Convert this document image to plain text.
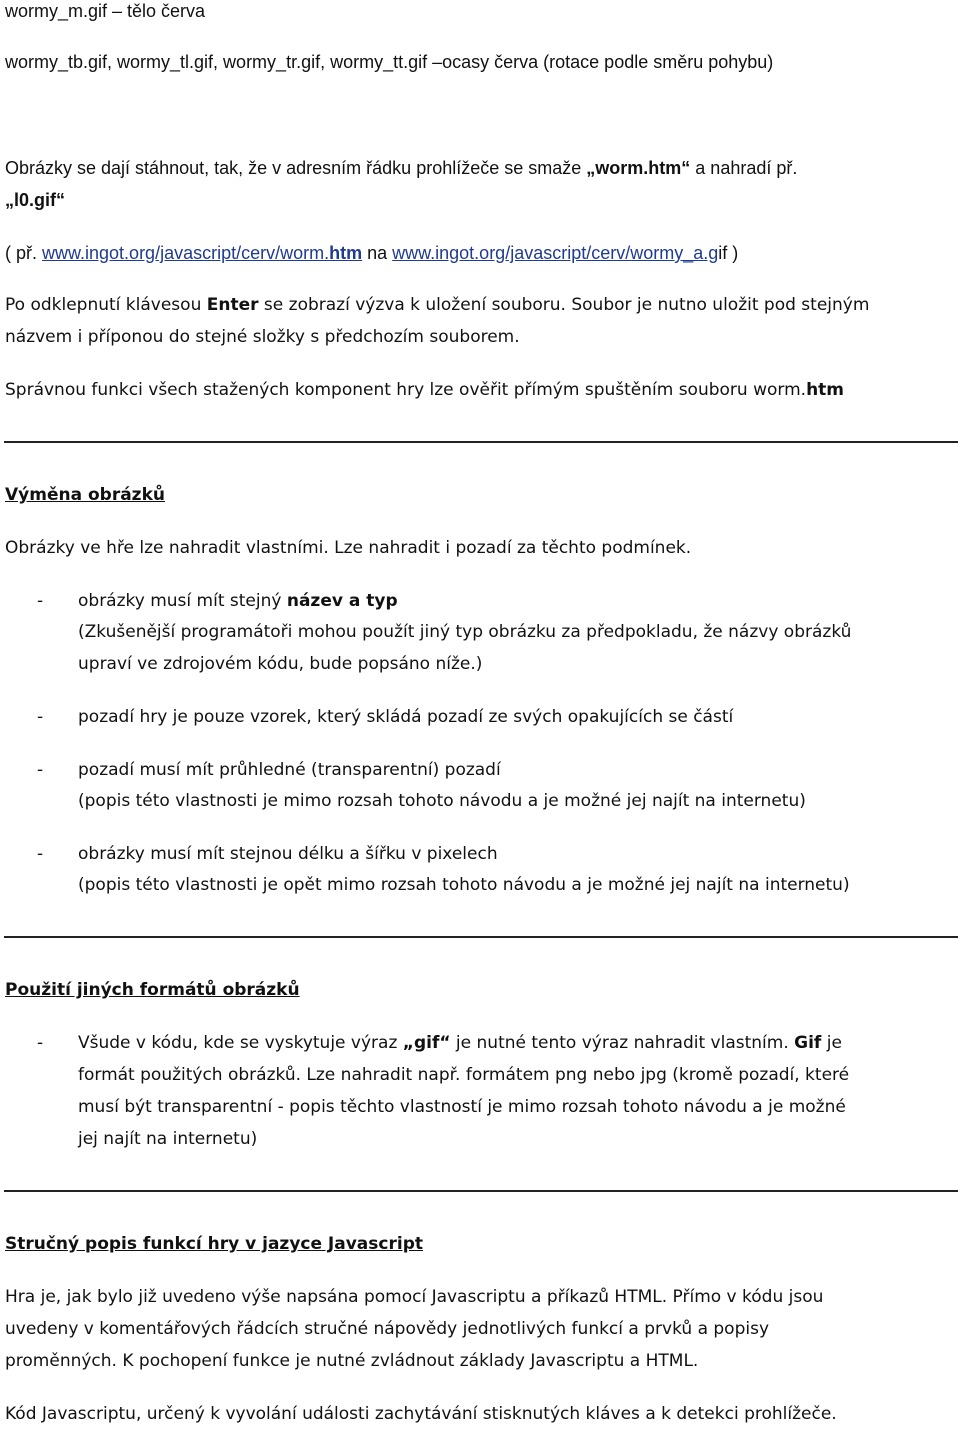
wormy_m.gif – tělo červa
wormy_tb.gif, wormy_tl.gif, wormy_tr.gif, wormy_tt.gif –ocasy červa (rotace podle směru pohybu)
Obrázky se dají stáhnout, tak, že v adresním řádku prohlížeče se smaže „worm.htm“ a nahradí př.
„l0.gif“
( př. www.ingot.org/javascript/cerv/worm.htm na www.ingot.org/javascript/cerv/wormy_a.gif )
Po odklepnutí klávesou Enter se zobrazí výzva k uložení souboru. Soubor je nutno uložit pod stejným
názvem i příponou do stejné složky s předchozím souborem.
Správnou funkci všech stažených komponent hry lze ověřit přímým spuštěním souboru worm.htm
Výměna obrázků
Obrázky ve hře lze nahradit vlastními. Lze nahradit i pozadí za těchto podmínek.
- obrázky musí mít stejný název a typ
(Zkušenější programátoři mohou použít jiný typ obrázku za předpokladu, že názvy obrázků
upraví ve zdrojovém kódu, bude popsáno níže.)
- pozadí hry je pouze vzorek, který skládá pozadí ze svých opakujících se částí
- pozadí musí mít průhledné (transparentní) pozadí
(popis této vlastnosti je mimo rozsah tohoto návodu a je možné jej najít na internetu)
- obrázky musí mít stejnou délku a šířku v pixelech
(popis této vlastnosti je opět mimo rozsah tohoto návodu a je možné jej najít na internetu)
Použití jiných formátů obrázků
- Všude v kódu, kde se vyskytuje výraz „gif“ je nutné tento výraz nahradit vlastním. Gif je
formát použitých obrázků. Lze nahradit např. formátem png nebo jpg (kromě pozadí, které
musí být transparentní - popis těchto vlastností je mimo rozsah tohoto návodu a je možné
jej najít na internetu)
Stručný popis funkcí hry v jazyce Javascript
Hra je, jak bylo již uvedeno výše napsána pomocí Javascriptu a příkazů HTML. Přímo v kódu jsou
uvedeny v komentářových řádcích stručné nápovědy jednotlivých funkcí a prvků a popisy
proměnných. K pochopení funkce je nutné zvládnout základy Javascriptu a HTML.
Kód Javascriptu, určený k vyvolání události zachytávání stisknutých kláves a k detekci prohlížeče.
